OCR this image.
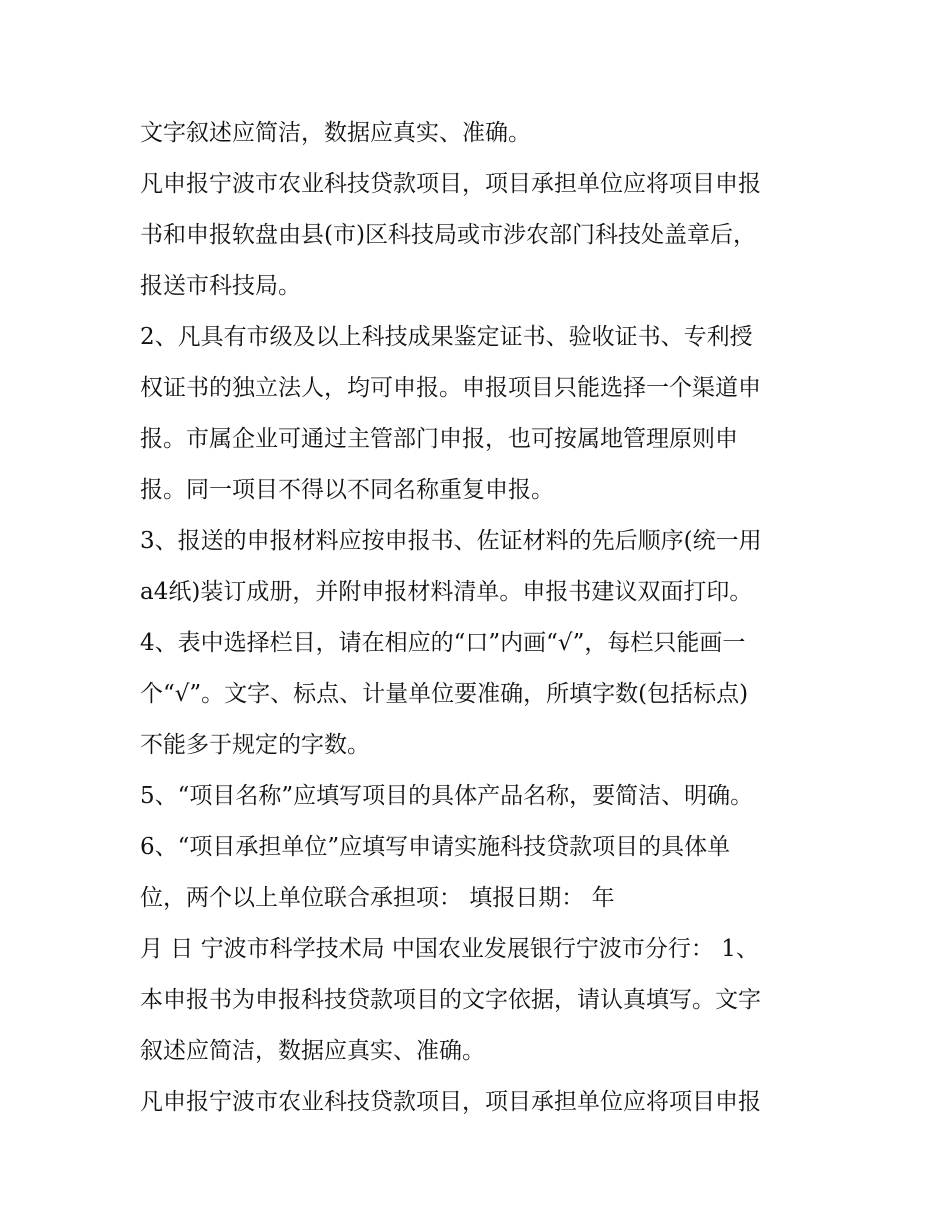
文字叙述应简洁，数据应真实、准确。
凡申报宁波市农业科技贷款项目，项目承担单位应将项目申报
书和申报软盘由县(市)区科技局或市涉农部门科技处盖章后，
报送市科技局。
2、凡具有市级及以上科技成果鉴定证书、验收证书、专利授
权证书的独立法人，均可申报。申报项目只能选择一个渠道申
报。市属企业可通过主管部门申报，也可按属地管理原则申
报。同一项目不得以不同名称重复申报。
3、报送的申报材料应按申报书、佐证材料的先后顺序(统一用
a4纸)装订成册，并附申报材料清单。申报书建议双面打印。
4、表中选择栏目，请在相应的“口”内画“√”，每栏只能画一
个“√”。文字、标点、计量单位要准确，所填字数(包括标点)
不能多于规定的字数。
5、“项目名称”应填写项目的具体产品名称，要简洁、明确。
6、“项目承担单位”应填写申请实施科技贷款项目的具体单
位，两个以上单位联合承担项： 填报日期： 年
月 日 宁波市科学技术局 中国农业发展银行宁波市分行： 1、
本申报书为申报科技贷款项目的文字依据，请认真填写。文字
叙述应简洁，数据应真实、准确。
凡申报宁波市农业科技贷款项目，项目承担单位应将项目申报
